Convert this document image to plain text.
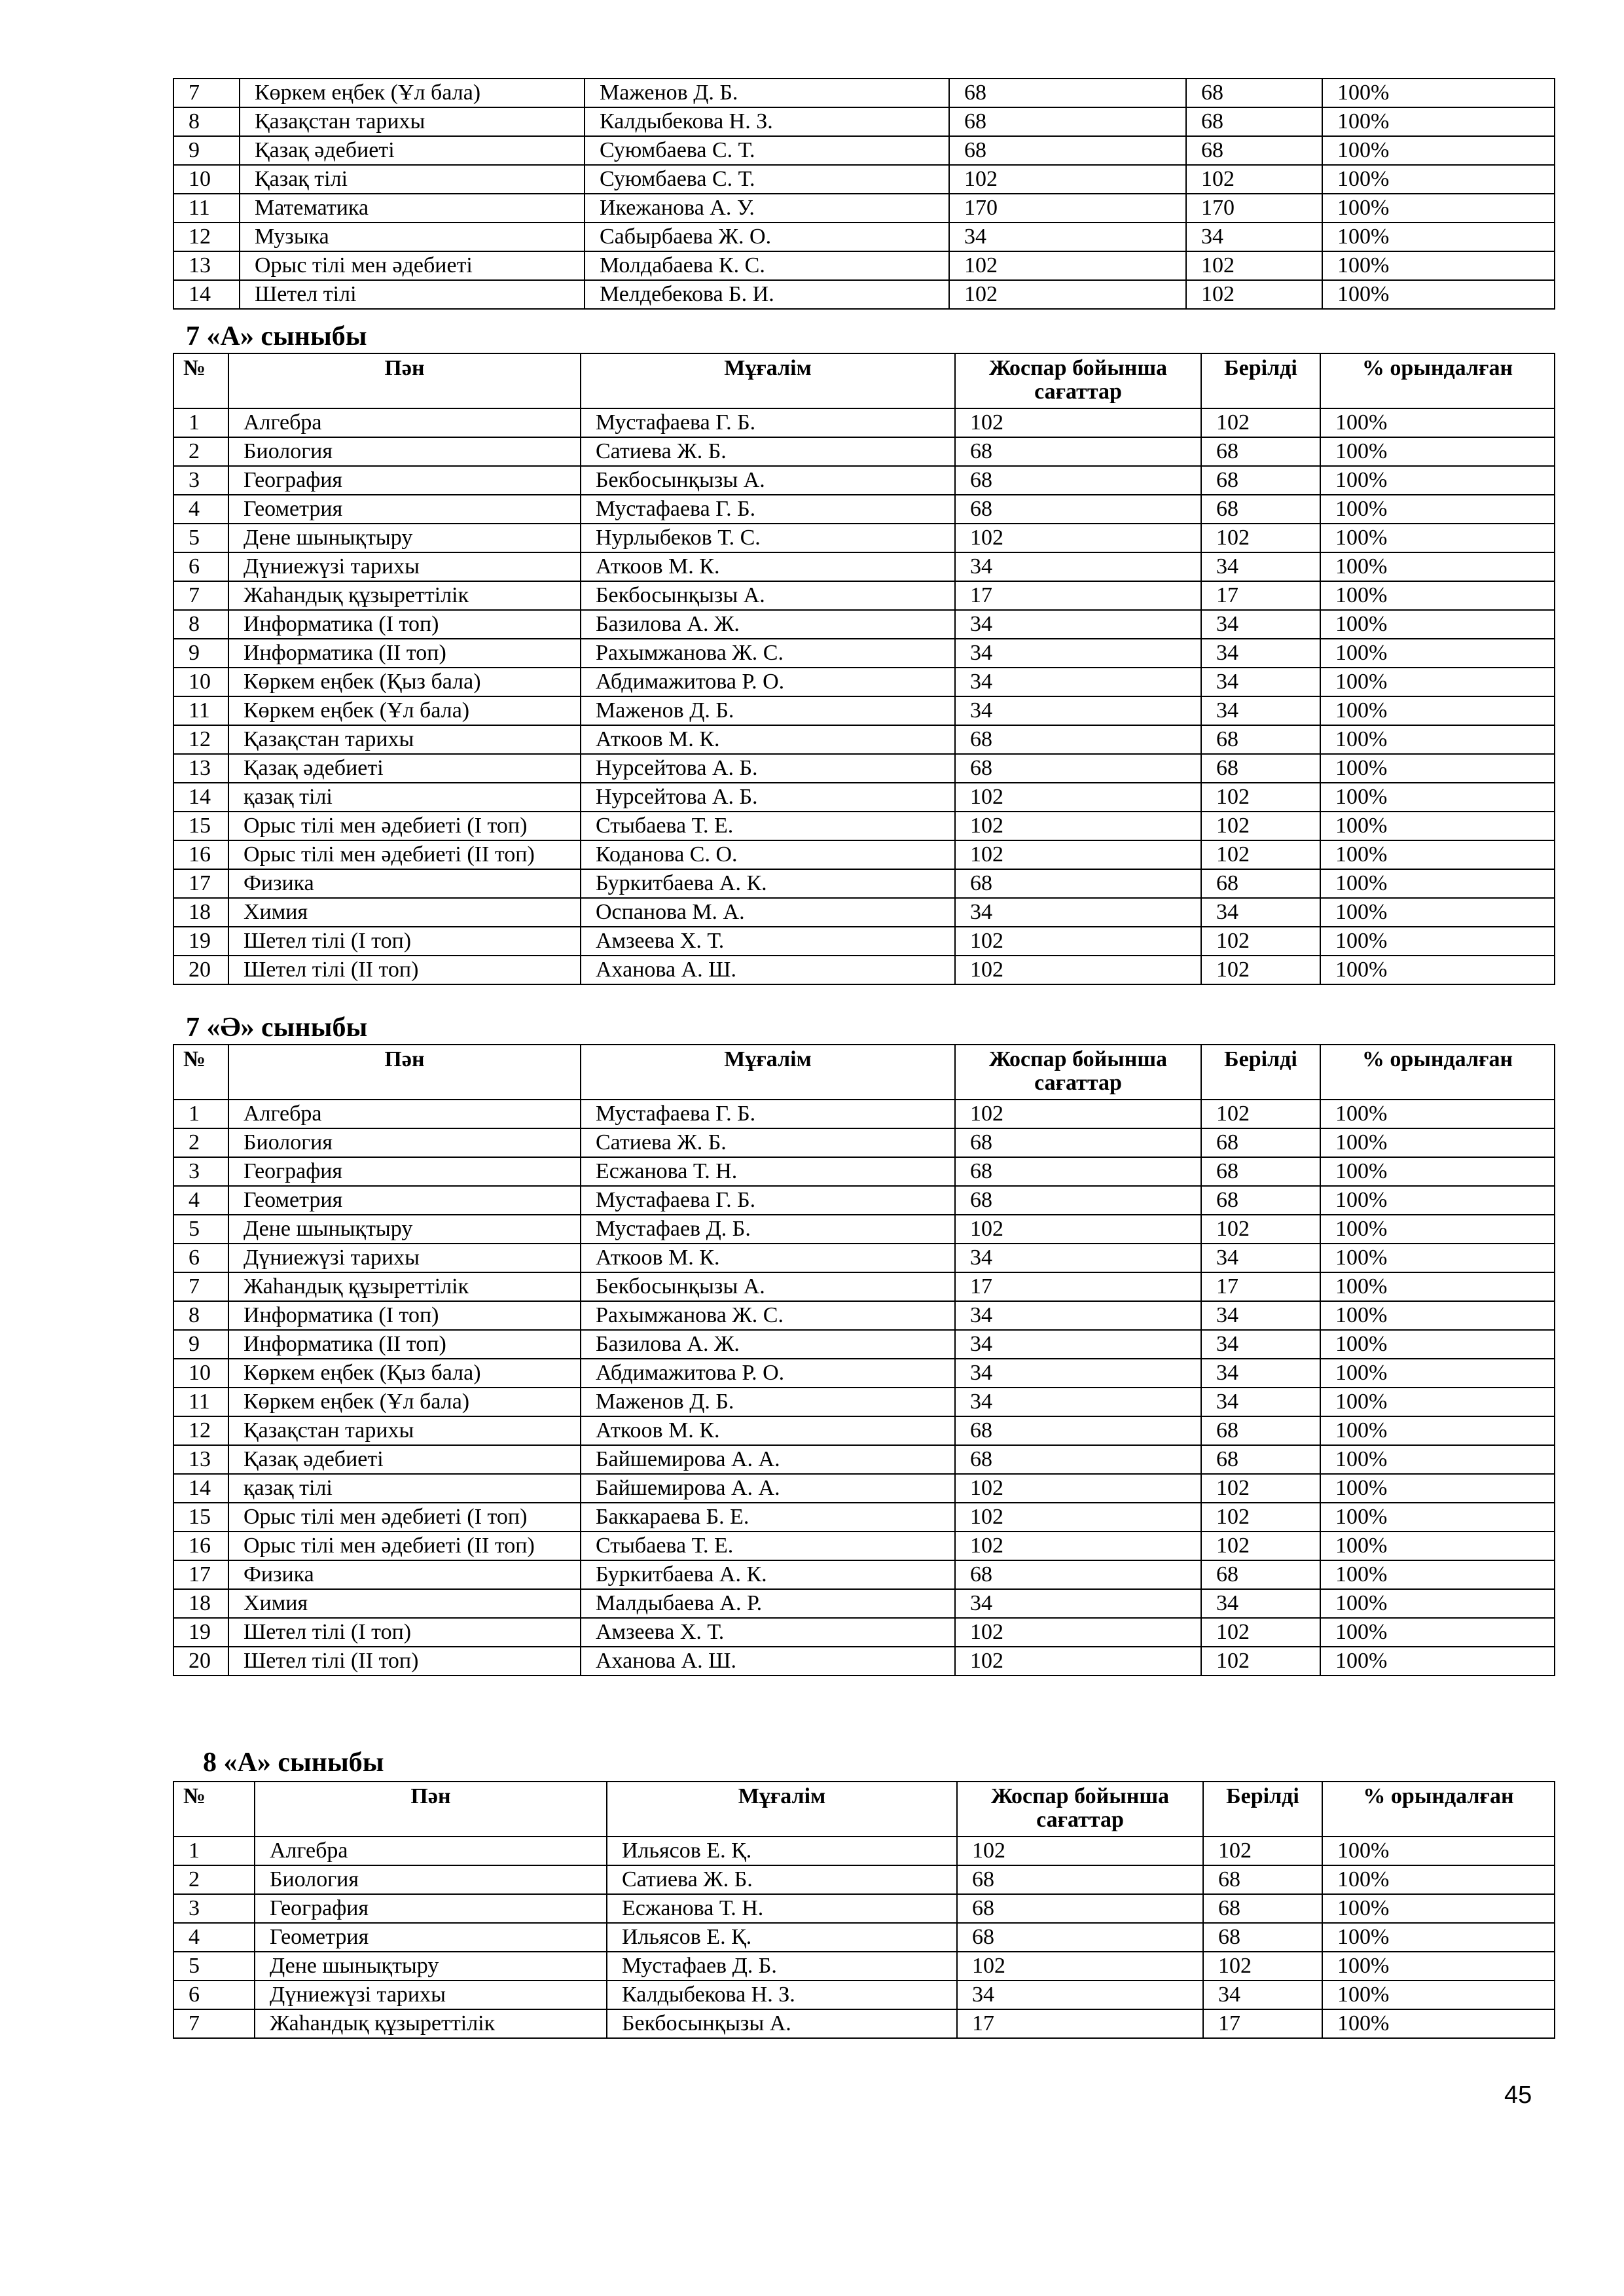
7 «А» сыныбы
7 «Ә» сыныбы
8 «А» сыныбы
7	Көркем еңбек (Ұл бала)	Маженов Д. Б.	68	68	100%
8	Қазақстан тарихы	Калдыбекова Н. З.	68	68	100%
9	Қазақ әдебиеті	Суюмбаева С. Т.	68	68	100%
10	Қазақ тілі	Суюмбаева С. Т.	102	102	100%
11	Математика	Икежанова А. У.	170	170	100%
12	Музыка	Сабырбаева Ж. О.	34	34	100%
13	Орыс тілі мен әдебиеті	Молдабаева К. С.	102	102	100%
14	Шетел тілі	Мелдебекова Б. И.	102	102	100%
№	Пән	Мұғалім	Жоспар бойынша сағаттар	Берілді	% орындалған
1	Алгебра	Мустафаева Г. Б.	102	102	100%
2	Биология	Сатиева Ж. Б.	68	68	100%
3	География	Бекбосынқызы А.	68	68	100%
4	Геометрия	Мустафаева Г. Б.	68	68	100%
5	Дене шынықтыру	Нурлыбеков Т. С.	102	102	100%
6	Дүниежүзі тарихы	Аткоов М. К.	34	34	100%
7	Жаһандық құзыреттілік	Бекбосынқызы А.	17	17	100%
8	Информатика (I топ)	Базилова А. Ж.	34	34	100%
9	Информатика (II топ)	Рахымжанова Ж. С.	34	34	100%
10	Көркем еңбек (Қыз бала)	Абдимажитова Р. О.	34	34	100%
11	Көркем еңбек (Ұл бала)	Маженов Д. Б.	34	34	100%
12	Қазақстан тарихы	Аткоов М. К.	68	68	100%
13	Қазақ әдебиеті	Нурсейтова А. Б.	68	68	100%
14	қазақ тілі	Нурсейтова А. Б.	102	102	100%
15	Орыс тілі мен әдебиеті (I топ)	Стыбаева Т. Е.	102	102	100%
16	Орыс тілі мен әдебиеті (II топ)	Коданова С. О.	102	102	100%
17	Физика	Буркитбаева А. К.	68	68	100%
18	Химия	Оспанова М. А.	34	34	100%
19	Шетел тілі (I топ)	Амзеева Х. Т.	102	102	100%
20	Шетел тілі (II топ)	Аханова А. Ш.	102	102	100%
№	Пән	Мұғалім	Жоспар бойынша сағаттар	Берілді	% орындалған
1	Алгебра	Мустафаева Г. Б.	102	102	100%
2	Биология	Сатиева Ж. Б.	68	68	100%
3	География	Есжанова Т. Н.	68	68	100%
4	Геометрия	Мустафаева Г. Б.	68	68	100%
5	Дене шынықтыру	Мустафаев Д. Б.	102	102	100%
6	Дүниежүзі тарихы	Аткоов М. К.	34	34	100%
7	Жаһандық құзыреттілік	Бекбосынқызы А.	17	17	100%
8	Информатика (I топ)	Рахымжанова Ж. С.	34	34	100%
9	Информатика (II топ)	Базилова А. Ж.	34	34	100%
10	Көркем еңбек (Қыз бала)	Абдимажитова Р. О.	34	34	100%
11	Көркем еңбек (Ұл бала)	Маженов Д. Б.	34	34	100%
12	Қазақстан тарихы	Аткоов М. К.	68	68	100%
13	Қазақ әдебиеті	Байшемирова А. А.	68	68	100%
14	қазақ тілі	Байшемирова А. А.	102	102	100%
15	Орыс тілі мен әдебиеті (I топ)	Баккараева Б. Е.	102	102	100%
16	Орыс тілі мен әдебиеті (II топ)	Стыбаева Т. Е.	102	102	100%
17	Физика	Буркитбаева А. К.	68	68	100%
18	Химия	Малдыбаева А. Р.	34	34	100%
19	Шетел тілі (I топ)	Амзеева Х. Т.	102	102	100%
20	Шетел тілі (II топ)	Аханова А. Ш.	102	102	100%
№	Пән	Мұғалім	Жоспар бойынша сағаттар	Берілді	% орындалған
1	Алгебра	Ильясов Е. Қ.	102	102	100%
2	Биология	Сатиева Ж. Б.	68	68	100%
3	География	Есжанова Т. Н.	68	68	100%
4	Геометрия	Ильясов Е. Қ.	68	68	100%
5	Дене шынықтыру	Мустафаев Д. Б.	102	102	100%
6	Дүниежүзі тарихы	Калдыбекова Н. З.	34	34	100%
7	Жаһандық құзыреттілік	Бекбосынқызы А.	17	17	100%
45
